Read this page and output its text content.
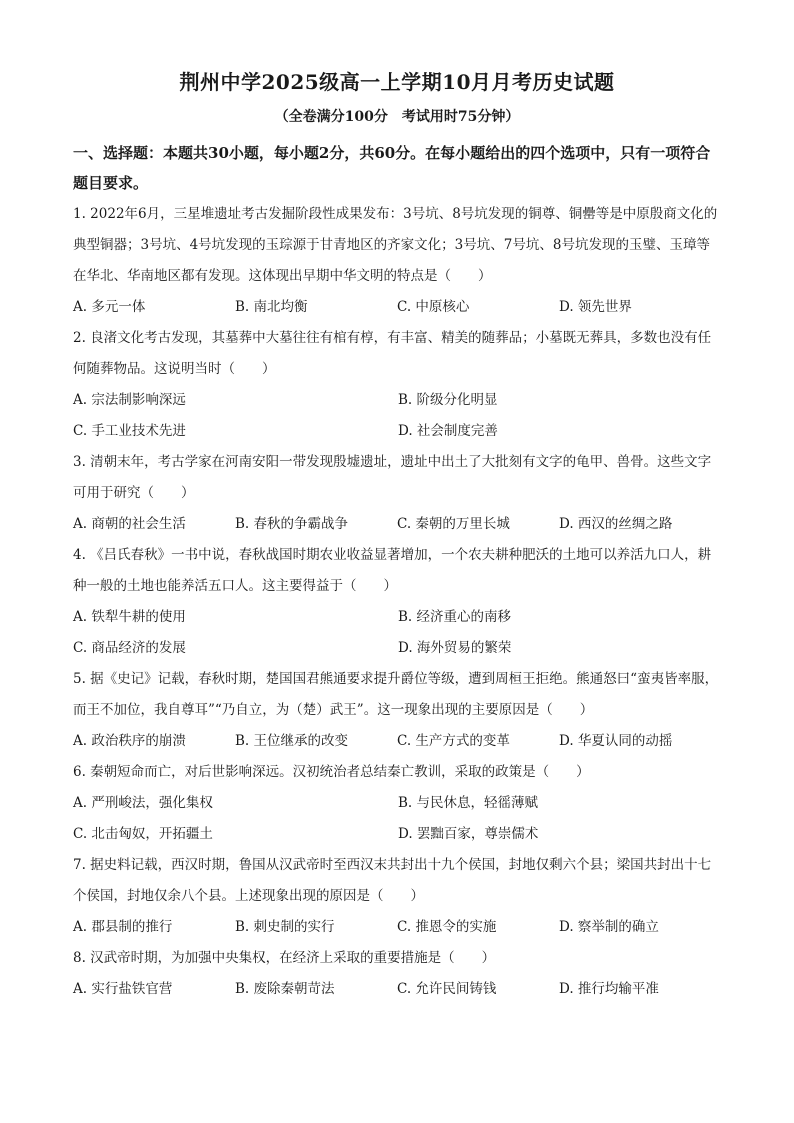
荆州中学2025级高一上学期10月月考历史试题
（全卷满分100分　考试用时75分钟）
一、选择题：本题共30小题，每小题2分，共60分。在每小题给出的四个选项中，只有一项符合题目要求。

1. 2022年6月，三星堆遗址考古发掘阶段性成果发布：3号坑、8号坑发现的铜尊、铜罍等是中原殷商文化的典型铜器；3号坑、4号坑发现的玉琮源于甘青地区的齐家文化；3号坑、7号坑、8号坑发现的玉璧、玉璋等在华北、华南地区都有发现。这体现出早期中华文明的特点是（　　）

A. 多元一体	B. 南北均衡	C. 中原核心	D. 领先世界

2. 良渚文化考古发现，其墓葬中大墓往往有棺有椁，有丰富、精美的随葬品；小墓既无葬具，多数也没有任何随葬物品。这说明当时（　　）

A. 宗法制影响深远	B. 阶级分化明显
C. 手工业技术先进	D. 社会制度完善

3. 清朝末年，考古学家在河南安阳一带发现殷墟遗址，遗址中出土了大批刻有文字的龟甲、兽骨。这些文字可用于研究（　　）

A. 商朝的社会生活	B. 春秋的争霸战争	C. 秦朝的万里长城	D. 西汉的丝绸之路

4. 《吕氏春秋》一书中说，春秋战国时期农业收益显著增加，一个农夫耕种肥沃的土地可以养活九口人，耕种一般的土地也能养活五口人。这主要得益于（　　）

A. 铁犁牛耕的使用	B. 经济重心的南移
C. 商品经济的发展	D. 海外贸易的繁荣

5. 据《史记》记载，春秋时期，楚国国君熊通要求提升爵位等级，遭到周桓王拒绝。熊通怒曰“蛮夷皆率服，而王不加位，我自尊耳”“乃自立，为（楚）武王”。这一现象出现的主要原因是（　　）

A. 政治秩序的崩溃	B. 王位继承的改变	C. 生产方式的变革	D. 华夏认同的动摇

6. 秦朝短命而亡，对后世影响深远。汉初统治者总结秦亡教训，采取的政策是（　　）

A. 严刑峻法，强化集权	B. 与民休息，轻徭薄赋
C. 北击匈奴，开拓疆土	D. 罢黜百家，尊崇儒术

7. 据史料记载，西汉时期，鲁国从汉武帝时至西汉末共封出十九个侯国，封地仅剩六个县；梁国共封出十七个侯国，封地仅余八个县。上述现象出现的原因是（　　）

A. 郡县制的推行	B. 刺史制的实行	C. 推恩令的实施	D. 察举制的确立

8. 汉武帝时期，为加强中央集权，在经济上采取的重要措施是（　　）

A. 实行盐铁官营	B. 废除秦朝苛法	C. 允许民间铸钱	D. 推行均输平准
